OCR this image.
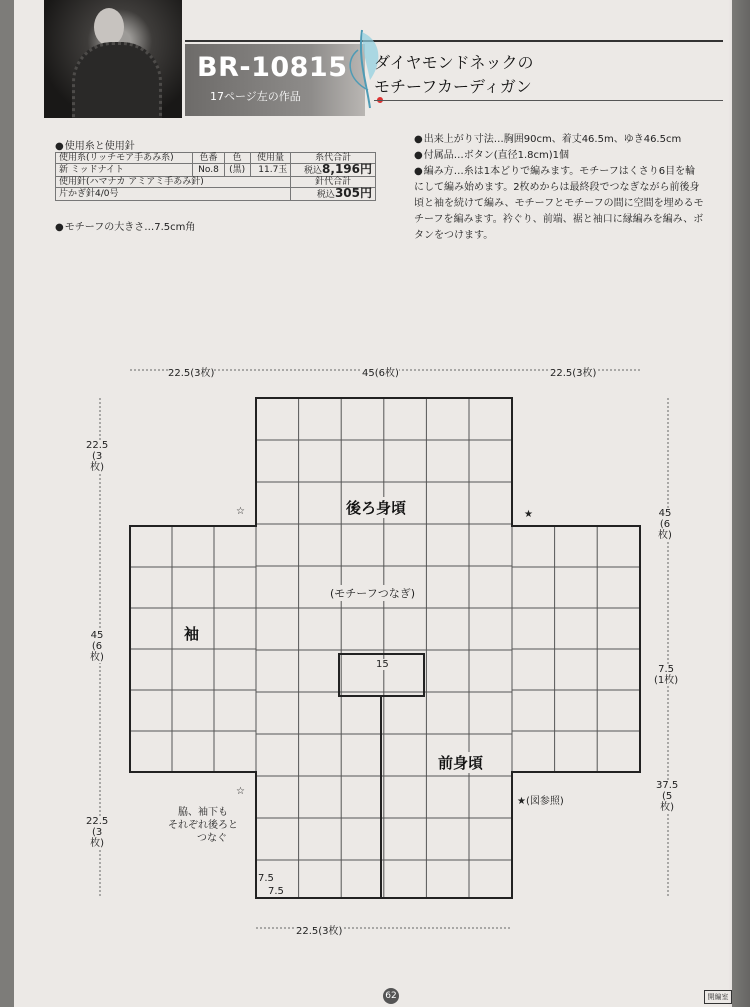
BR-10815
17ページ左の作品
ダイヤモンドネックの
モチーフカーディガン
● 使用糸と使用針
使用糸(リッチモア手あみ糸)	色番	色	使用量	糸代合計
新 ミッドナイト	No.8	(黒)	11.7玉	税込8,196円
使用針(ハマナカ アミアミ手あみ針)				針代合計
片かぎ針4/0号				税込305円
● モチーフの大きさ…7.5cm角
● 出来上がり寸法…胸囲90cm、着丈46.5m、ゆき46.5cm
● 付属品…ボタン(直径1.8cm)1個
● 編み方…糸は1本どりで編みます。モチーフはくさり6目を輪
にして編み始めます。2枚めからは最終段でつなぎながら前後身
頃と袖を続けて編み、モチーフとモチーフの間に空間を埋めるモ
チーフを編みます。衿ぐり、前端、裾と袖口に縁編みを編み、ボ
タンをつけます。
22.5(3枚)	45(6枚)	22.5(3枚)
22.5
(3
枚)
45
(6
枚)
22.5
(3
枚)
45
(6
枚)
7.5
(1枚)
37.5
(5
枚)
後ろ身頃
袖
前身頃
(モチーフつなぎ)
15
☆	★
☆
★(図参照)
脇、袖下も
それぞれ後ろと
つなぐ
7.5
7.5
22.5(3枚)
62	開編室
